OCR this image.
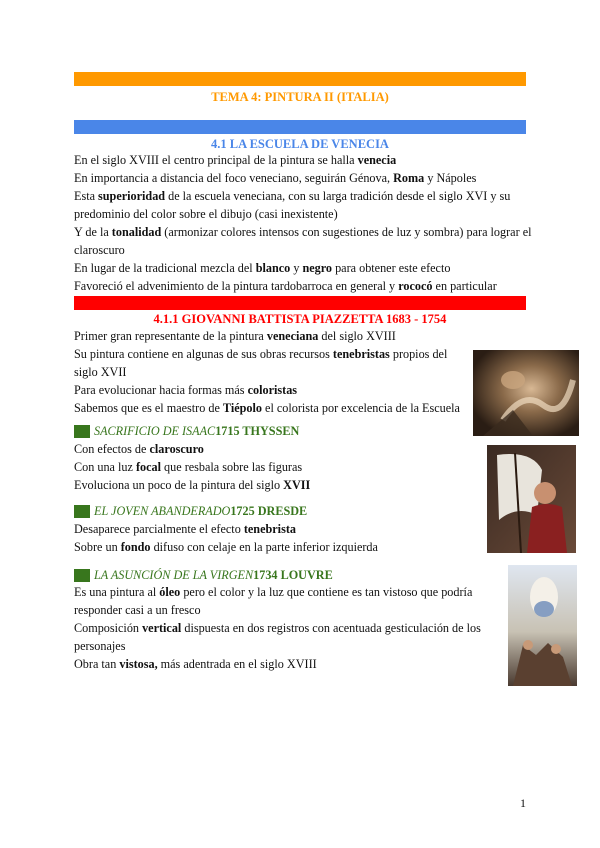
TEMA 4: PINTURA II (ITALIA)
4.1 LA ESCUELA DE VENECIA

En el siglo XVIII el centro principal de la pintura se halla venecia

En importancia a distancia del foco veneciano, seguirán Génova, Roma y Nápoles

Esta superioridad de la escuela veneciana, con su larga tradición desde el siglo XVI y su

predominio del color sobre el dibujo (casi inexistente)

Y de la tonalidad (armonizar colores intensos con sugestiones de luz y sombra) para lograr el

claroscuro

En lugar de la tradicional mezcla del blanco y negro para obtener este efecto

Favoreció el advenimiento de la pintura tardobarroca en general y rococó en particular

4.1.1 GIOVANNI BATTISTA PIAZZETTA 1683 - 1754

Primer gran representante de la pintura veneciana del siglo XVIII

Su pintura contiene en algunas de sus obras recursos tenebristas propios del

siglo XVII

Para evolucionar hacia formas más coloristas

Sabemos que es el maestro de Tiépolo el colorista por excelencia de la Escuela

SACRIFICIO DE ISAAC 1715 THYSSEN

Con efectos de claroscuro

Con una luz focal que resbala sobre las figuras

Evoluciona un poco de la pintura del siglo XVII

EL JOVEN ABANDERADO 1725 DRESDE

Desaparece parcialmente el efecto tenebrista

Sobre un fondo difuso con celaje en la parte inferior izquierda

LA ASUNCIÓN DE LA VIRGEN 1734 LOUVRE

Es una pintura al óleo pero el color y la luz que contiene es tan vistoso que podría

responder casi a un fresco

Composición vertical dispuesta en dos registros con acentuada gesticulación de los

personajes

Obra tan vistosa, más adentrada en el siglo XVIII

1
